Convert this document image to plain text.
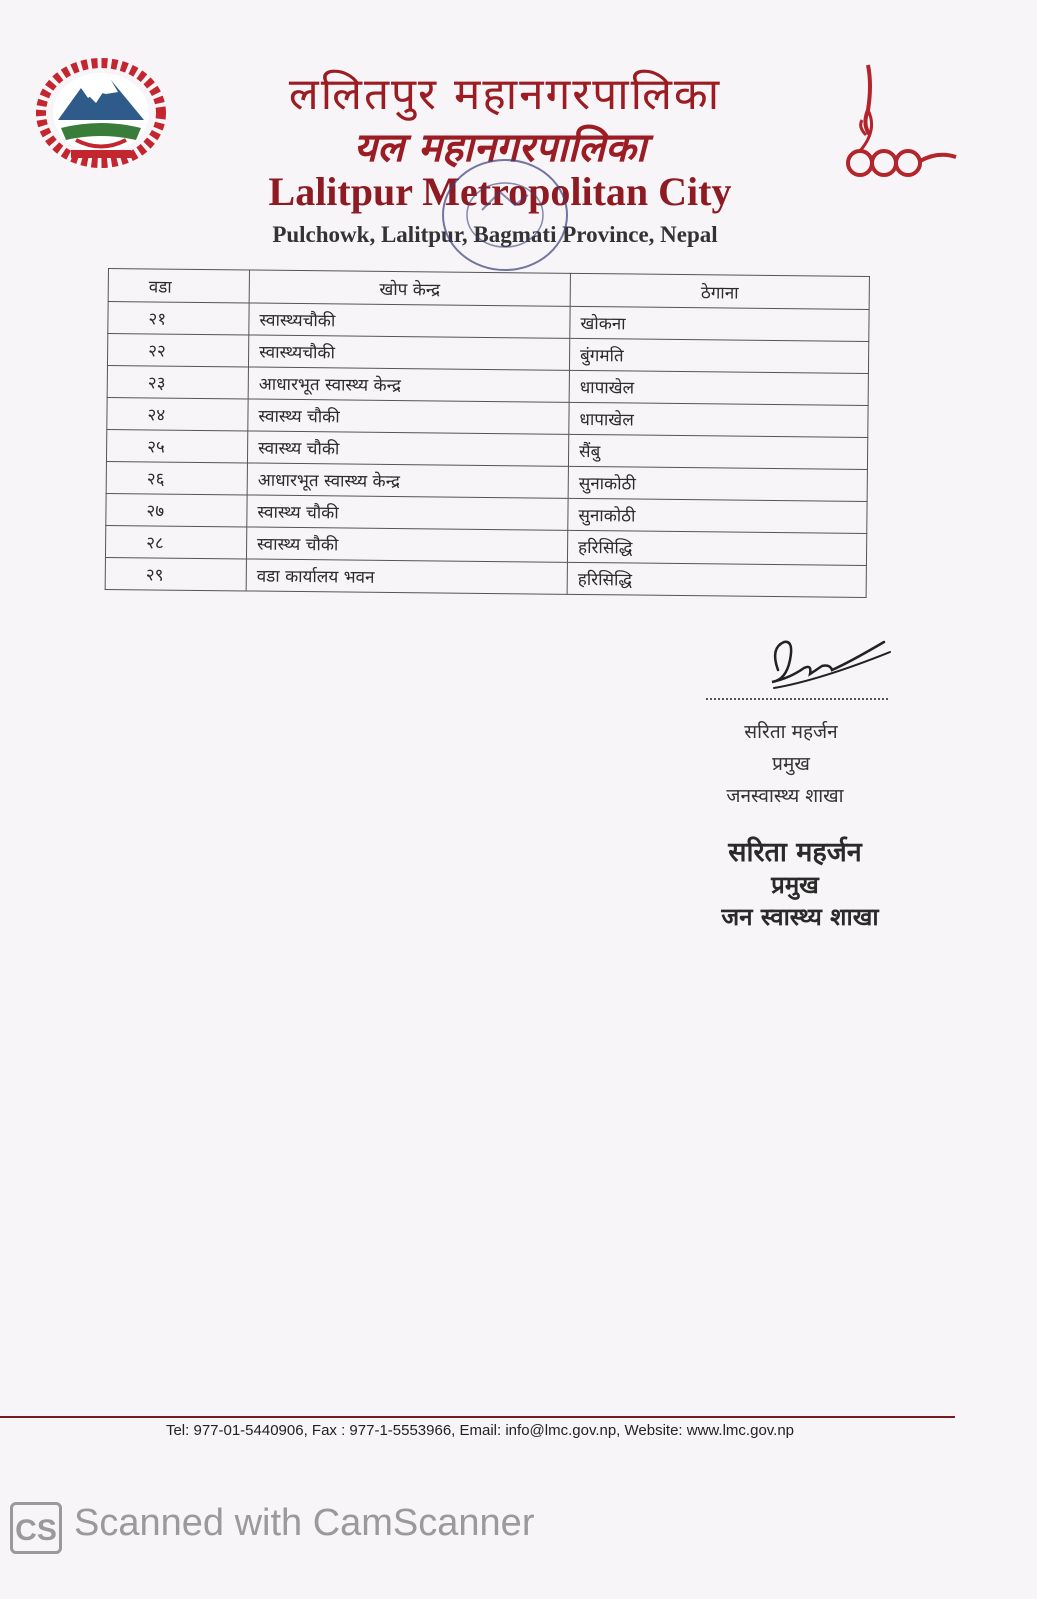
ललितपुर महानगरपालिका
यल महानगरपालिका
Lalitpur Metropolitan City
Pulchowk, Lalitpur, Bagmati Province, Nepal
वडा	खोप केन्द्र	ठेगाना
२१	स्वास्थ्यचौकी	खोकना
२२	स्वास्थ्यचौकी	बुंगमति
२३	आधारभूत स्वास्थ्य केन्द्र	धापाखेल
२४	स्वास्थ्य चौकी	धापाखेल
२५	स्वास्थ्य चौकी	सैंबु
२६	आधारभूत स्वास्थ्य केन्द्र	सुनाकोठी
२७	स्वास्थ्य चौकी	सुनाकोठी
२८	स्वास्थ्य चौकी	हरिसिद्धि
२९	वडा कार्यालय भवन	हरिसिद्धि
सरिता महर्जन
प्रमुख
जनस्वास्थ्य शाखा
सरिता महर्जन
प्रमुख
जन स्वास्थ्य शाखा
Tel: 977-01-5440906, Fax : 977-1-5553966, Email: info@lmc.gov.np, Website: www.lmc.gov.np
CS Scanned with CamScanner
